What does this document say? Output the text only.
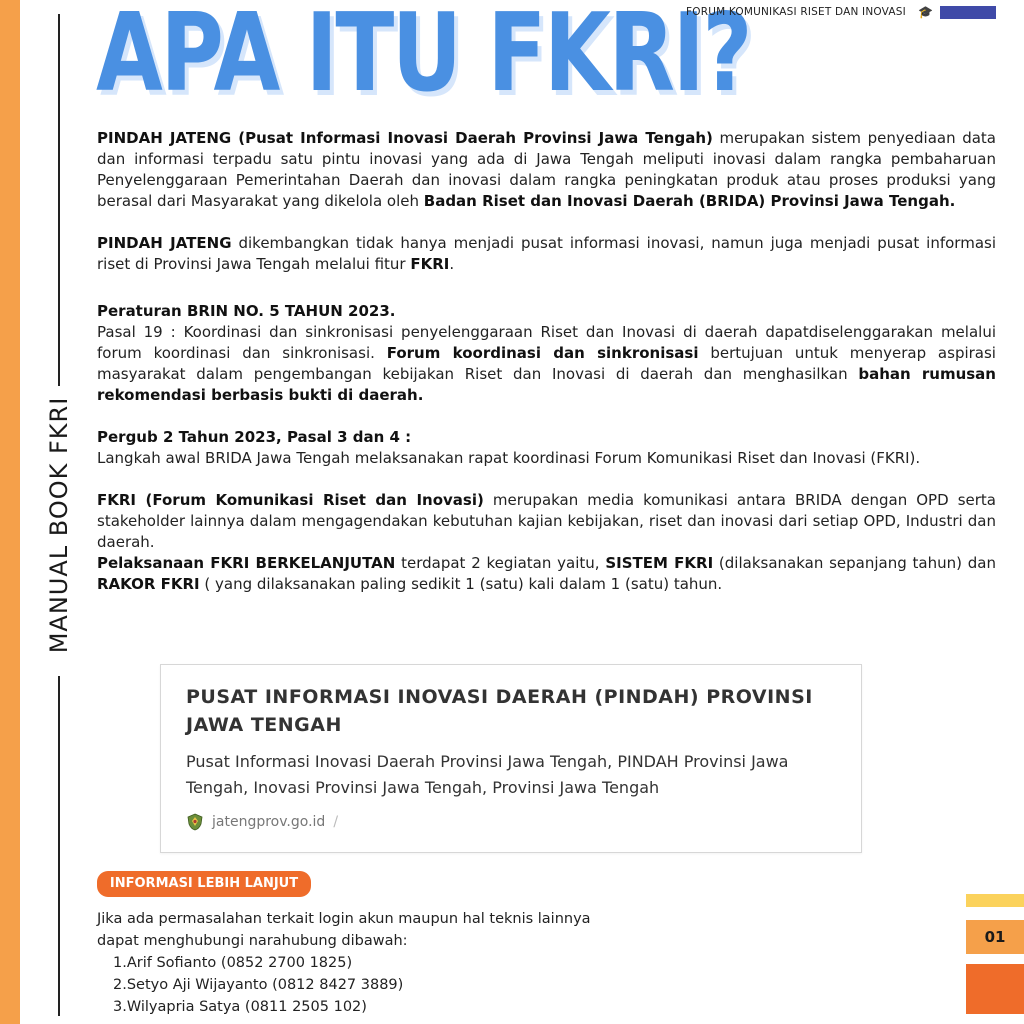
MANUAL BOOK FKRI
APA ITU FKRI?
FORUM KOMUNIKASI RISET DAN INOVASI 🎓

PINDAH JATENG (Pusat Informasi Inovasi Daerah Provinsi Jawa Tengah) merupakan sistem penyediaan data dan informasi terpadu satu pintu inovasi yang ada di Jawa Tengah meliputi inovasi dalam rangka pembaharuan Penyelenggaraan Pemerintahan Daerah dan inovasi dalam rangka peningkatan produk atau proses produksi yang berasal dari Masyarakat yang dikelola oleh Badan Riset dan Inovasi Daerah (BRIDA) Provinsi Jawa Tengah.

PINDAH JATENG dikembangkan tidak hanya menjadi pusat informasi inovasi, namun juga menjadi pusat informasi riset di Provinsi Jawa Tengah melalui fitur FKRI.

Peraturan BRIN NO. 5 TAHUN 2023.
Pasal 19 : Koordinasi dan sinkronisasi penyelenggaraan Riset dan Inovasi di daerah dapatdiselenggarakan melalui forum koordinasi dan sinkronisasi. Forum koordinasi dan sinkronisasi bertujuan untuk menyerap aspirasi masyarakat dalam pengembangan kebijakan Riset dan Inovasi di daerah dan menghasilkan bahan rumusan rekomendasi berbasis bukti di daerah.

Pergub 2 Tahun 2023, Pasal 3 dan 4 :
Langkah awal BRIDA Jawa Tengah melaksanakan rapat koordinasi Forum Komunikasi Riset dan Inovasi (FKRI).

FKRI (Forum Komunikasi Riset dan Inovasi) merupakan media komunikasi antara BRIDA dengan OPD serta stakeholder lainnya dalam mengagendakan kebutuhan kajian kebijakan, riset dan inovasi dari setiap OPD, Industri dan daerah.

Pelaksanaan FKRI BERKELANJUTAN terdapat 2 kegiatan yaitu, SISTEM FKRI (dilaksanakan sepanjang tahun) dan RAKOR FKRI ( yang dilaksanakan paling sedikit 1 (satu) kali dalam 1 (satu) tahun.

PUSAT INFORMASI INOVASI DAERAH (PINDAH) PROVINSI JAWA TENGAH
Pusat Informasi Inovasi Daerah Provinsi Jawa Tengah, PINDAH Provinsi Jawa Tengah, Inovasi Provinsi Jawa Tengah, Provinsi Jawa Tengah
jatengprov.go.id /
INFORMASI LEBIH LANJUT
Jika ada permasalahan terkait login akun maupun hal teknis lainnya
dapat menghubungi narahubung dibawah:
1.Arif Sofianto (0852 2700 1825)
2.Setyo Aji Wijayanto (0812 8427 3889)
3.Wilyapria Satya (0811 2505 102)
01
